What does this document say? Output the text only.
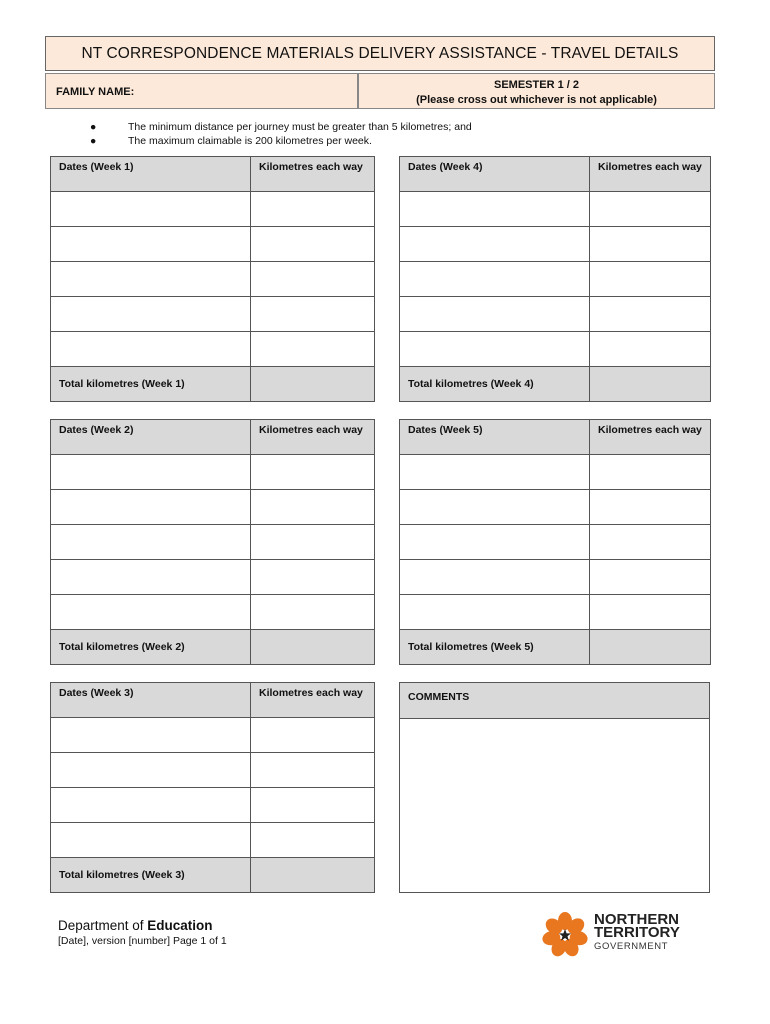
NT CORRESPONDENCE MATERIALS DELIVERY ASSISTANCE - TRAVEL DETAILS
FAMILY NAME:
SEMESTER 1 / 2
(Please cross out whichever is not applicable)
●	The minimum distance per journey must be greater than 5 kilometres; and
●	The maximum claimable is 200 kilometres per week.
Dates (Week 1)	Kilometres each way

Total kilometres (Week 1)	
Dates (Week 4)	Kilometres each way

Total kilometres (Week 4)	
Dates (Week 2)	Kilometres each way

Total kilometres (Week 2)	
Dates (Week 5)	Kilometres each way

Total kilometres (Week 5)	
Dates (Week 3)	Kilometres each way

Total kilometres (Week 3)	
COMMENTS
Department of Education
[Date], version [number] Page 1 of 1
NORTHERN
TERRITORY
GOVERNMENT
